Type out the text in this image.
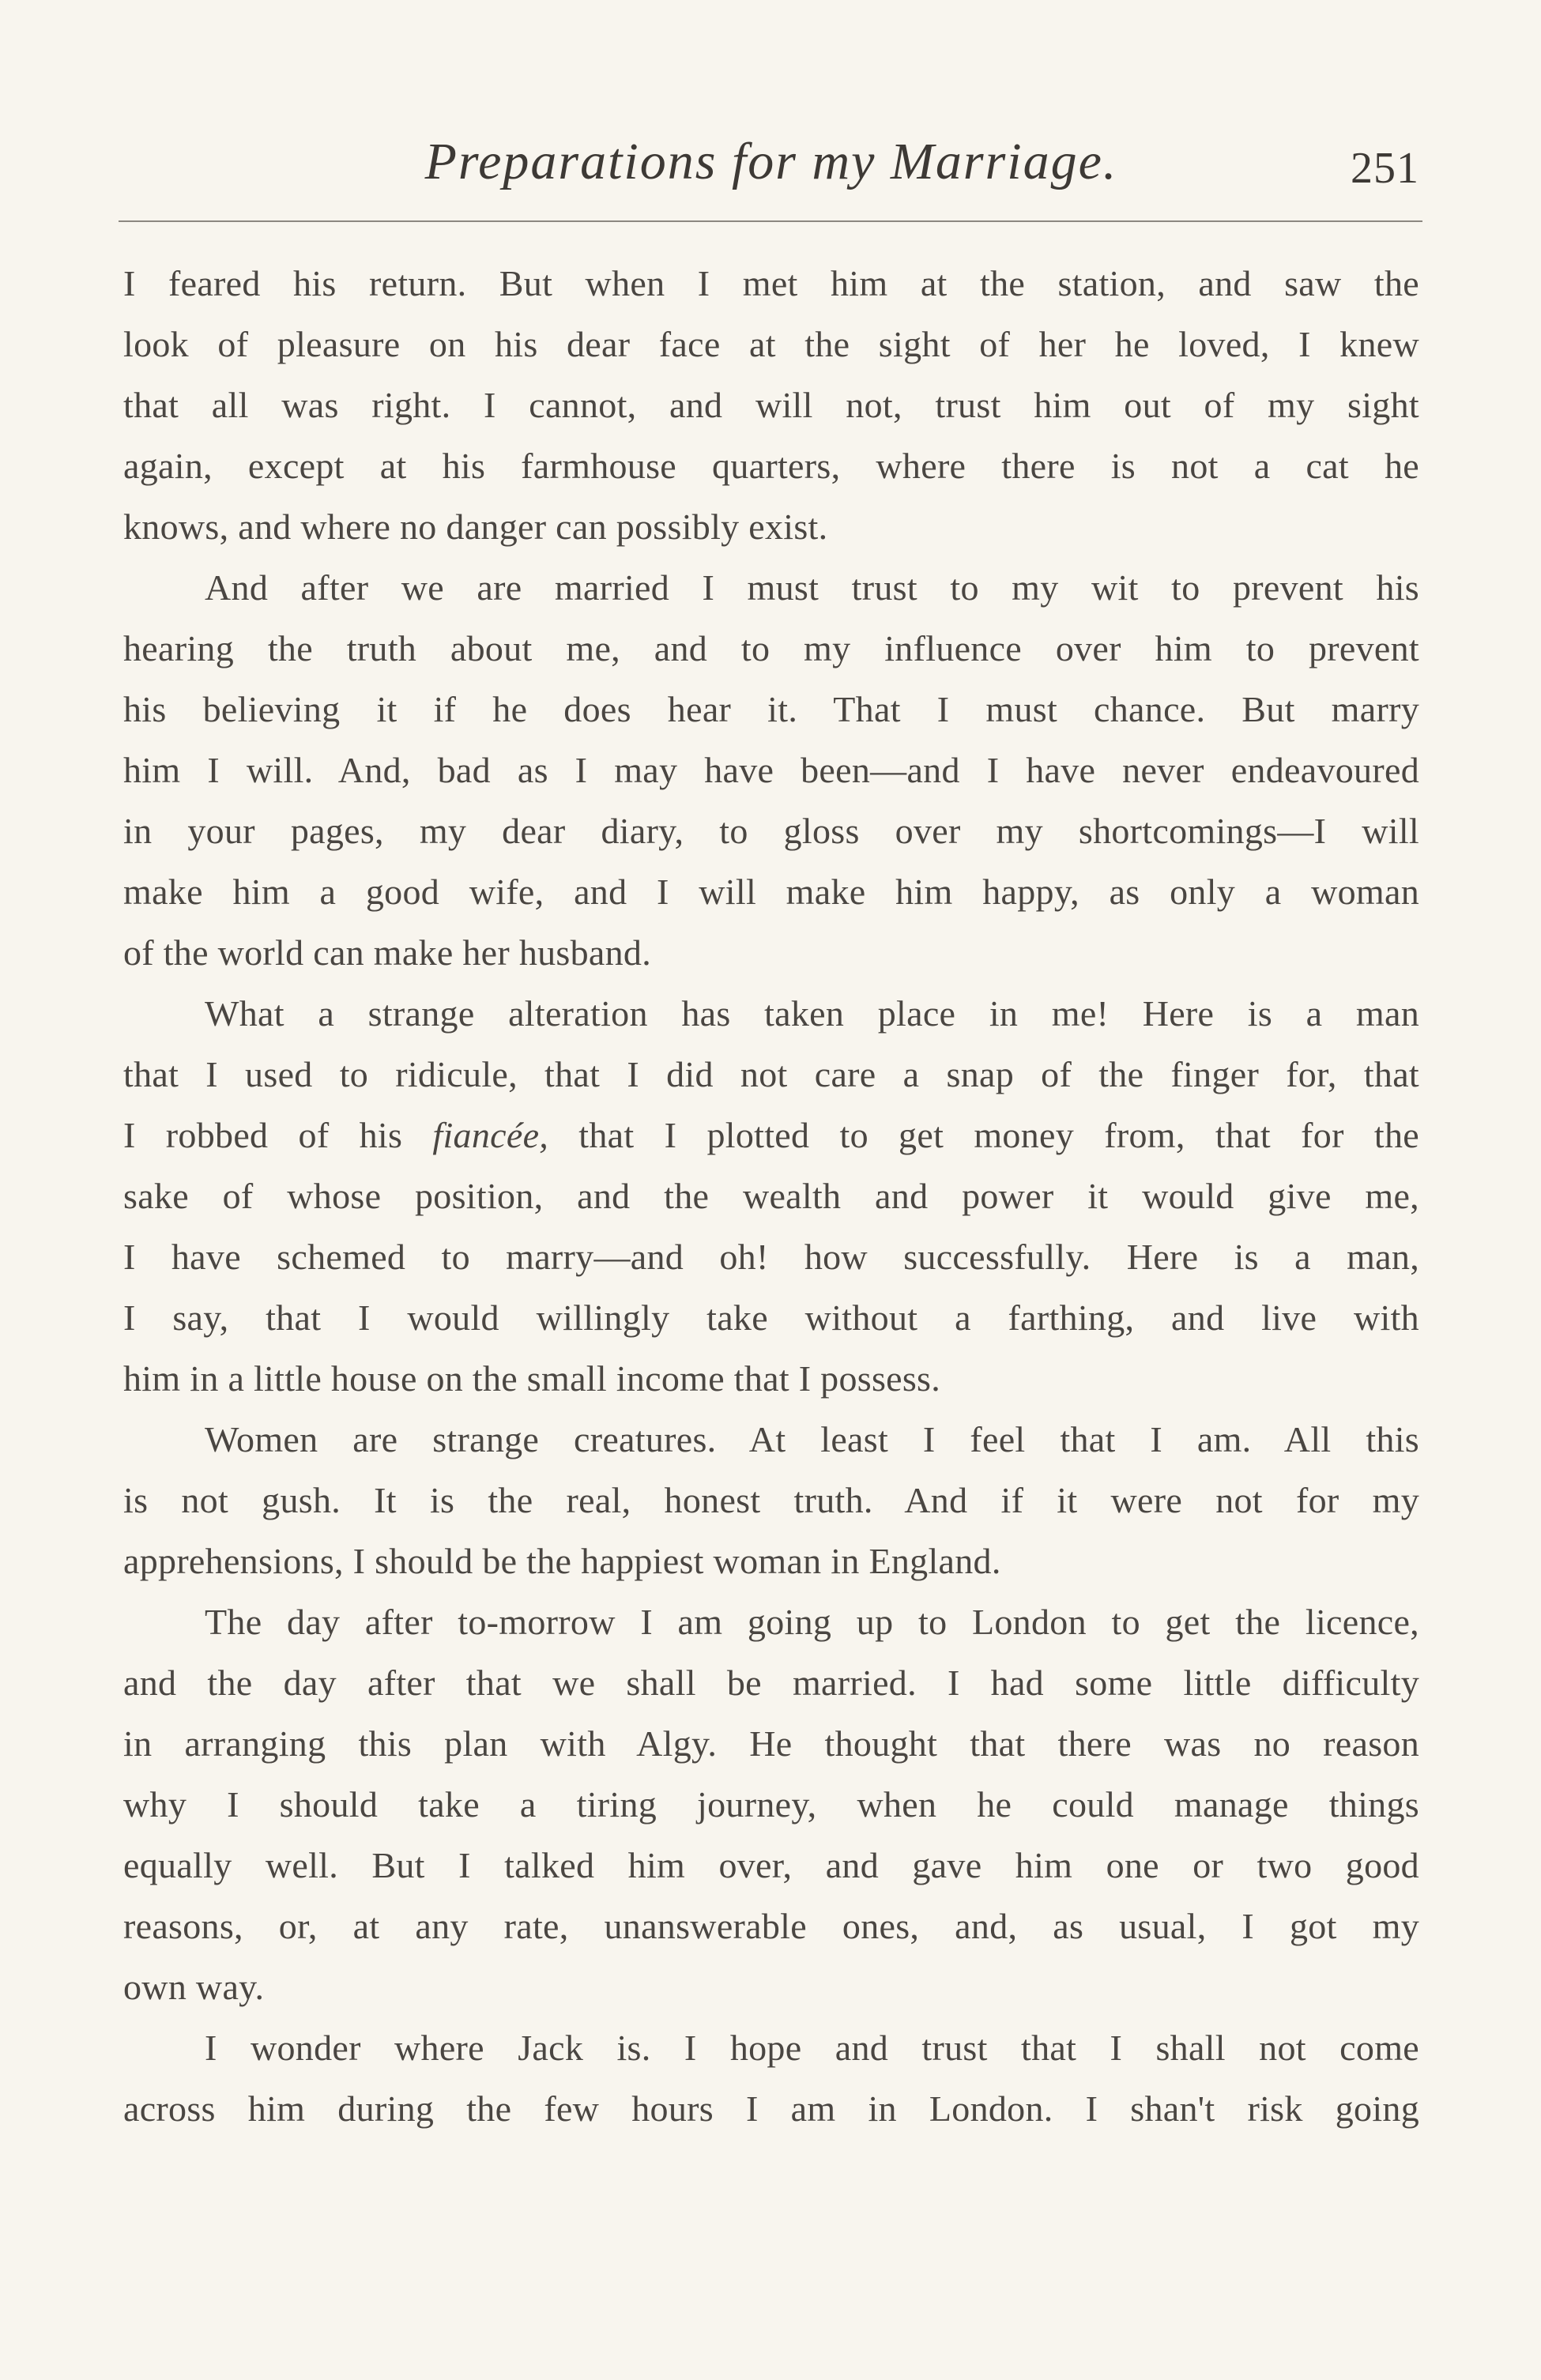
Preparations for my Marriage.	251

I feared his return. But when I met him at the station, and saw the

look of pleasure on his dear face at the sight of her he loved, I knew

that all was right. I cannot, and will not, trust him out of my sight

again, except at his farmhouse quarters, where there is not a cat he

knows, and where no danger can possibly exist.

And after we are married I must trust to my wit to prevent his

hearing the truth about me, and to my influence over him to prevent

his believing it if he does hear it. That I must chance. But marry

him I will. And, bad as I may have been—and I have never endeavoured

in your pages, my dear diary, to gloss over my shortcomings—I will

make him a good wife, and I will make him happy, as only a woman

of the world can make her husband.

What a strange alteration has taken place in me! Here is a man

that I used to ridicule, that I did not care a snap of the finger for, that

I robbed of his fiancée, that I plotted to get money from, that for the

sake of whose position, and the wealth and power it would give me,

I have schemed to marry—and oh! how successfully. Here is a man,

I say, that I would willingly take without a farthing, and live with

him in a little house on the small income that I possess.

Women are strange creatures. At least I feel that I am. All this

is not gush. It is the real, honest truth. And if it were not for my

apprehensions, I should be the happiest woman in England.

The day after to-morrow I am going up to London to get the licence,

and the day after that we shall be married. I had some little difficulty

in arranging this plan with Algy. He thought that there was no reason

why I should take a tiring journey, when he could manage things

equally well. But I talked him over, and gave him one or two good

reasons, or, at any rate, unanswerable ones, and, as usual, I got my

own way.

I wonder where Jack is. I hope and trust that I shall not come

across him during the few hours I am in London. I shan't risk going
